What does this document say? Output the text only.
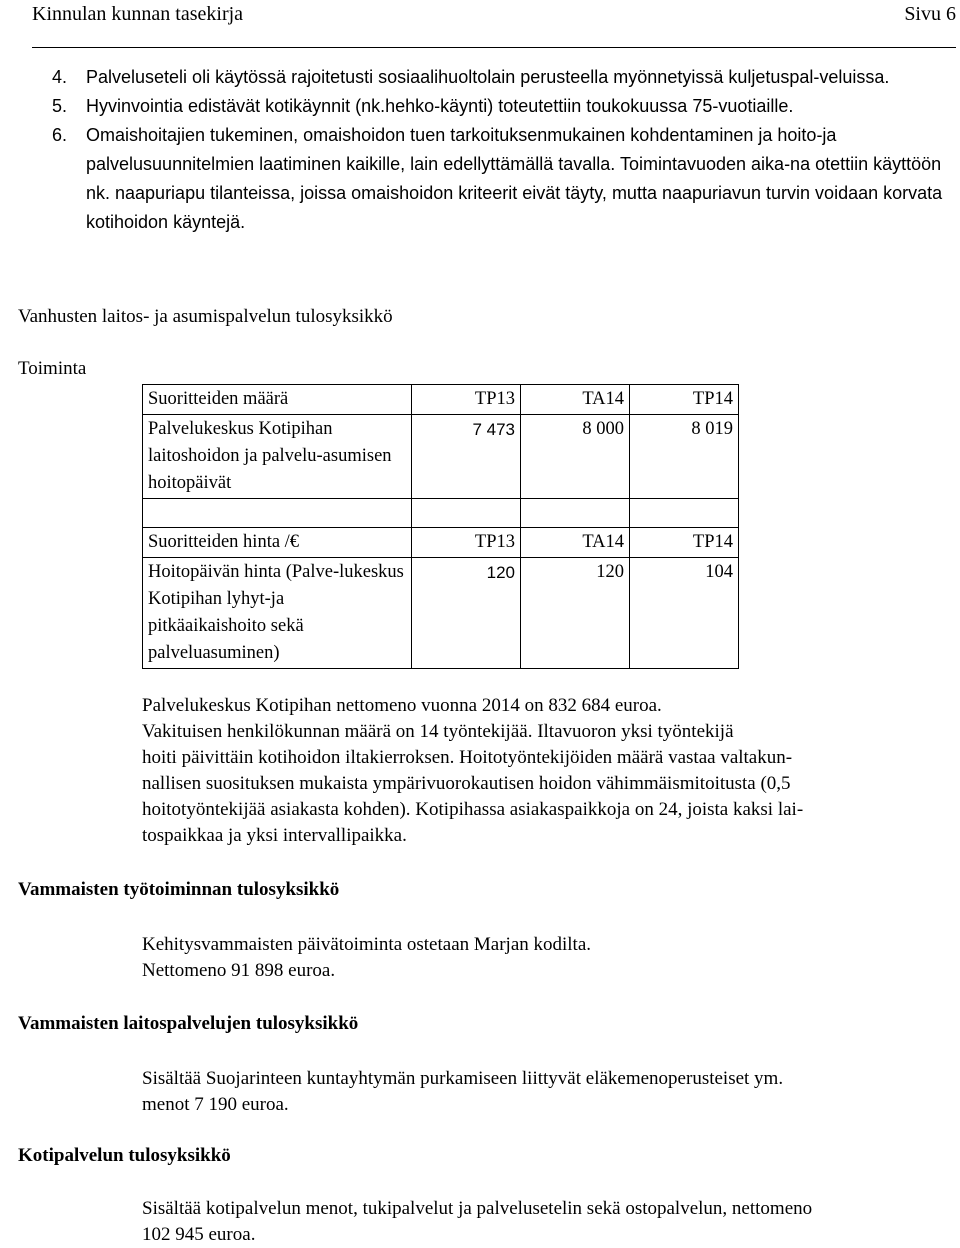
Kinnulan kunnan tasekirja	Sivu 6
4. Palveluseteli oli käytössä rajoitetusti sosiaalihuoltolain perusteella myönnetyissä kuljetuspal-veluissa.
5. Hyvinvointia edistävät kotikäynnit (nk.hehko-käynti) toteutettiin toukokuussa 75-vuotiaille.
6. Omaishoitajien tukeminen, omaishoidon tuen tarkoituksenmukainen kohdentaminen ja hoito-ja palvelusuunnitelmien laatiminen kaikille, lain edellyttämällä tavalla. Toimintavuoden aika-na otettiin käyttöön nk. naapuriapu tilanteissa, joissa omaishoidon kriteerit eivät täyty, mutta naapuriavun turvin voidaan korvata kotihoidon käyntejä.
Vanhusten laitos- ja asumispalvelun tulosyksikkö
Toiminta
Suoritteiden määrä	TP13	TA14	TP14
Palvelukeskus Kotipihan laitoshoidon ja palvelu-asumisen hoitopäivät	7 473	8 000	8 019

Suoritteiden hinta /€	TP13	TA14	TP14
Hoitopäivän hinta (Palve-lukeskus Kotipihan lyhyt-ja pitkäaikaishoito sekä palveluasuminen)	120	120	104
Palvelukeskus Kotipihan nettomeno vuonna 2014 on 832 684 euroa.
Vakituisen henkilökunnan määrä on 14 työntekijää. Iltavuoron yksi työntekijä
hoiti päivittäin kotihoidon iltakierroksen. Hoitotyöntekijöiden määrä vastaa valtakun-
nallisen suosituksen mukaista ympärivuorokautisen hoidon vähimmäismitoitusta (0,5
hoitotyöntekijää asiakasta kohden). Kotipihassa asiakaspaikkoja on 24, joista kaksi lai-
tospaikkaa ja yksi intervallipaikka.
Vammaisten työtoiminnan tulosyksikkö
Kehitysvammaisten päivätoiminta ostetaan Marjan kodilta.
Nettomeno 91 898 euroa.
Vammaisten laitospalvelujen tulosyksikkö
Sisältää Suojarinteen kuntayhtymän purkamiseen liittyvät eläkemenoperusteiset ym.
menot 7 190 euroa.
Kotipalvelun tulosyksikkö
Sisältää kotipalvelun menot, tukipalvelut ja palvelusetelin sekä ostopalvelun, nettomeno
102 945 euroa.
